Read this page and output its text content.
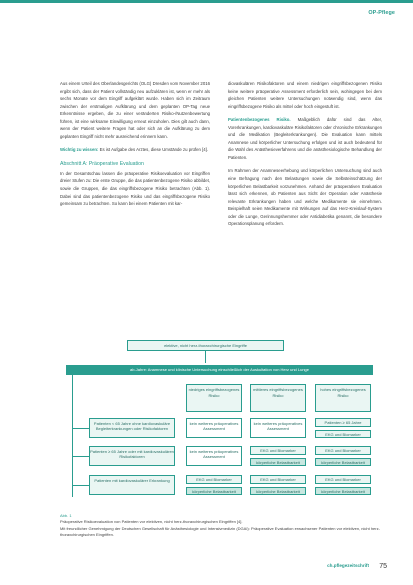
OP-Pflege

Aus einem Urteil des Oberlandesgerichts (OLG) Dresden vom November 2016 ergibt sich, dass der Patient vollständig neu aufzuklären ist, wenn er mehr als sechs Monate vor dem Eingriff aufgeklärt wurde. Haben sich im Zeitraum zwischen der erstmaligen Aufklärung und dem geplanten OP-Tag neue Erkenntnisse ergeben, die zu einer veränderten Risiko-/Nutzenbewertung führen, ist eine wirksame Einwilligung erneut einzuholen. Dies gilt auch dann, wenn der Patient weitere Fragen hat oder sich an die Aufklärung zu dem geplanten Eingriff nicht mehr ausreichend erinnern kann.

Wichtig zu wissen: Es ist Aufgabe des Arztes, diese Umstände zu prüfen [4].

Abschnitt A: Präoperative Evaluation

In der Gesamtschau lassen die präoperative Risikoevaluation vor Eingriffen dreier Stufen zu: Die erste Gruppe, die das patientenbezogene Risiko abbildet, sowie die Gruppen, die das eingriffsbezogene Risiko betrachten (Abb. 1). Dabei sind das patientenbezogene Risiko und das eingriffsbezogene Risiko gemeinsam zu betrachten. So kann bei einem Patienten mit kar-

diovaskulären Risikofaktoren und einem niedrigen eingriffsbezogenen Risiko keine weitere präoperative Assessment erforderlich sein, wohingegen bei dem gleichen Patienten weitere Untersuchungen notwendig sind, wenn das eingriffsbezogene Risiko als mittel oder hoch eingestuft ist.

Patientenbezogenes Risiko. Maßgeblich dafür sind das Alter, Vorerkrankungen, kardiovaskuläre Risikofaktoren oder chronische Erkrankungen und die Medikation (Begleiterkrankungen). Die Evaluation kann mittels Anamnese und körperlicher Untersuchung erfolgen und ist auch bedeutend für die Wahl des Anästhesieverfahrens und die anästhesiologische Behandlung der Patienten.

Im Rahmen der Anamneseerhebung und körperlichen Untersuchung sind auch eine Befragung nach den Belastungen sowie die Selbsteinschätzung der körperlichen Belastbarkeit vorzunehmen. Anhand der präoperativen Evaluation lässt sich erkennen, ob Patienten aus Sicht der Operation oder Anästhesie relevante Erkrankungen haben und welche Medikamente sie einnehmen. Beispielhaft seien Medikamente mit Wirkungen auf das Herz-Kreislauf-System oder die Lunge, Gerinnungshemmer oder Antidiabetika genannt, die besondere Operationsplanung erfordern.

elektive, nicht herz-thoraxchirurgische Eingriffe
ab-Jahre: Anamnese und klinische Untersuchung einschließlich der Auskultation von Herz und Lunge
niedriges eingriffsbezogenes Risiko
mittleres eingriffsbezogenes Risiko
hohes eingriffsbezogenes Risiko
Patienten < 65 Jahre ohne kardiovaskuläre Begleiterkrankungen oder Risikofaktoren
kein weiteres präoperatives Assessment
kein weiteres präoperatives Assessment
Patienten ≥ 65 Jahre
EKG und Biomarker
Patienten ≥ 65 Jahre oder mit kardiovaskulären Risikofaktoren
kein weiteres präoperatives Assessment
EKG und Biomarker
körperliche Belastbarkeit
EKG und Biomarker
körperliche Belastbarkeit
Patienten mit kardiovaskulärer Erkrankung	EKG und Biomarker
körperliche Belastbarkeit
EKG und Biomarker
körperliche Belastbarkeit
EKG und Biomarker
körperliche Belastbarkeit
Abb. 1
Präoperative Risikoevaluation von Patienten vor elektiven, nicht herz-thoraxchirurgischen Eingriffen [4].
Mit freundlicher Genehmigung der Deutschen Gesellschaft für Anästhesiologie und Intensivmedizin (DGAI): Präoperative Evaluation erwachsener Patienten vor elektiven, nicht herz-thoraxchirurgischen Eingriffen.
ch.pflegezeitschrift 75
